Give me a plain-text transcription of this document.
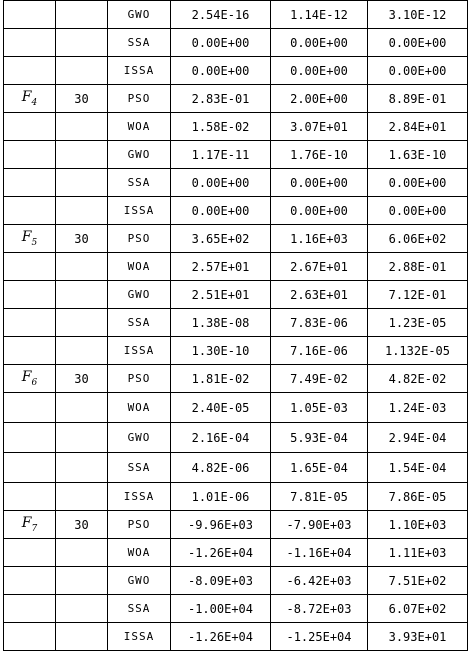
		GWO	2.54E-16	1.14E-12	3.10E-12
		SSA	0.00E+00	0.00E+00	0.00E+00
		ISSA	0.00E+00	0.00E+00	0.00E+00
$F_4$	30	PSO	2.83E-01	2.00E+00	8.89E-01
		WOA	1.58E-02	3.07E+01	2.84E+01
		GWO	1.17E-11	1.76E-10	1.63E-10
		SSA	0.00E+00	0.00E+00	0.00E+00
		ISSA	0.00E+00	0.00E+00	0.00E+00
$F_5$	30	PSO	3.65E+02	1.16E+03	6.06E+02
		WOA	2.57E+01	2.67E+01	2.88E-01
		GWO	2.51E+01	2.63E+01	7.12E-01
		SSA	1.38E-08	7.83E-06	1.23E-05
		ISSA	1.30E-10	7.16E-06	1.132E-05
$F_6$	30	PSO	1.81E-02	7.49E-02	4.82E-02
		WOA	2.40E-05	1.05E-03	1.24E-03
		GWO	2.16E-04	5.93E-04	2.94E-04
		SSA	4.82E-06	1.65E-04	1.54E-04
		ISSA	1.01E-06	7.81E-05	7.86E-05
$F_7$	30	PSO	-9.96E+03	-7.90E+03	1.10E+03
		WOA	-1.26E+04	-1.16E+04	1.11E+03
		GWO	-8.09E+03	-6.42E+03	7.51E+02
		SSA	-1.00E+04	-8.72E+03	6.07E+02
		ISSA	-1.26E+04	-1.25E+04	3.93E+01
